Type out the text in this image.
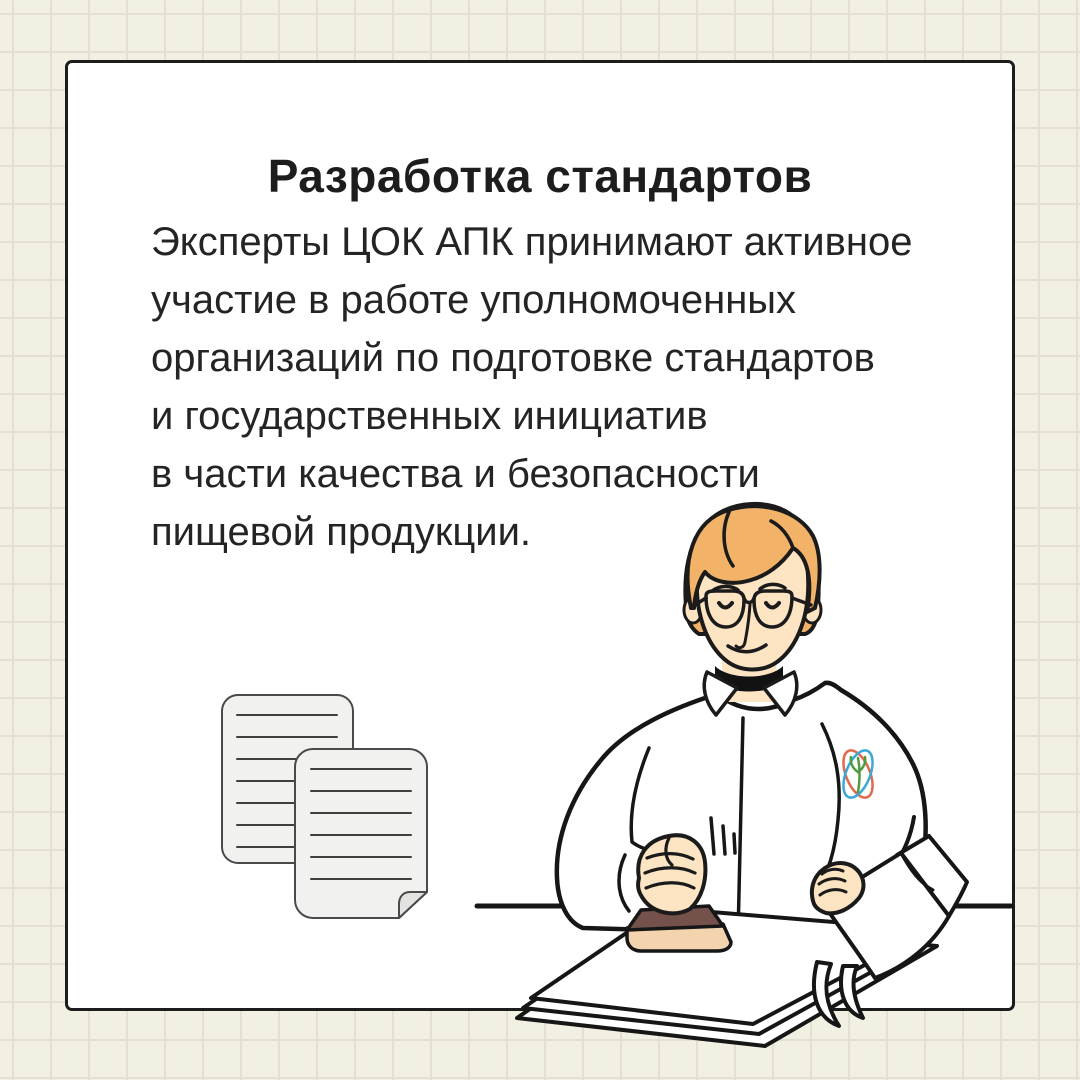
Разработка стандартов
Эксперты ЦОК АПК принимают активное
участие в работе уполномоченных
организаций по подготовке стандартов
и государственных инициатив
в части качества и безопасности
пищевой продукции.
